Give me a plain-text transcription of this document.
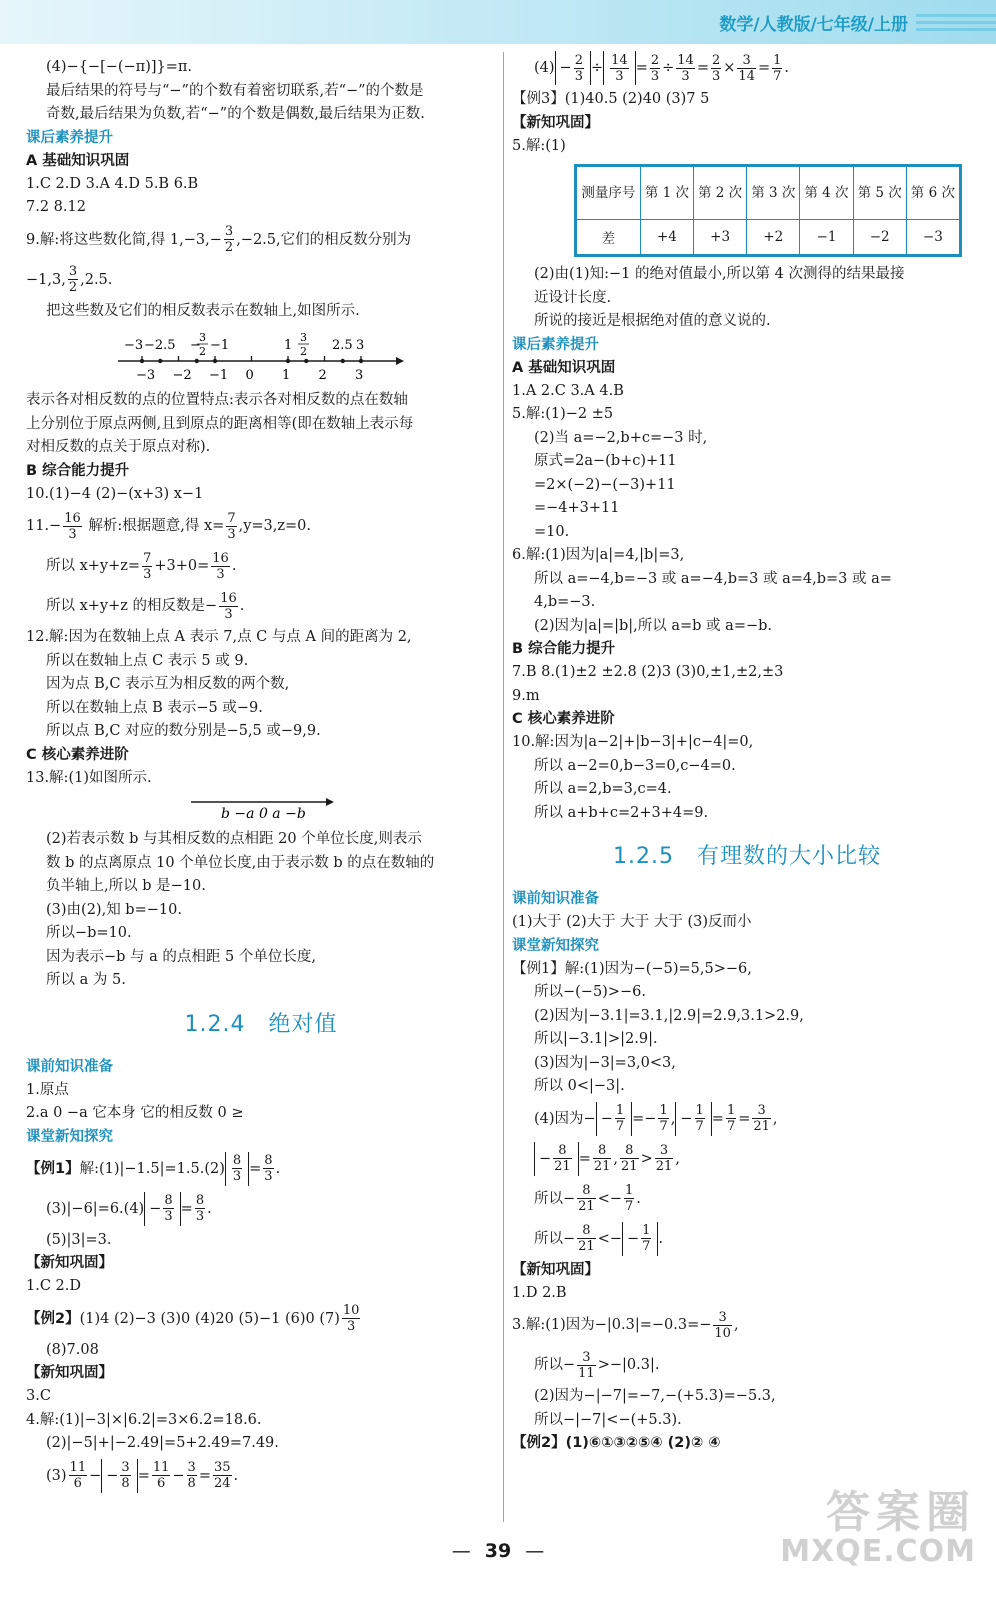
数学/人教版/七年级/上册
(4)−{−[−(−π)]}=π.
最后结果的符号与“−”的个数有着密切联系,若“−”的个数是
奇数,最后结果为负数,若“−”的个数是偶数,最后结果为正数.
课后素养提升
A 基础知识巩固
1.C 2.D 3.A 4.D 5.B 6.B
7.2 8.12
9.解:将这些数化简,得 $1,-3,- \frac{3}{2} ,-2.5$,它们的相反数分别为
−1,3, $\frac{3}{2} ,2.5$.
把这些数及它们的相反数表示在数轴上,如图所示.
−3 −2 −1 0 1 2 3
−3 −2.5 −
3
2 −1	1
3
2 2.5 3
表示各对相反数的点的位置特点:表示各对相反数的点在数轴
上分别位于原点两侧,且到原点的距离相等(即在数轴上表示每
对相反数的点关于原点对称).
B 综合能力提升
10.(1)−4 (2)−(x+3) x−1
$11.- \frac{16}{3}$ 解析:根据题意,得 $x= \frac{7}{3} ,y=3,z=0$.
所以 $x+y+z= \frac{7}{3} +3+0= \frac{16}{3}$ .
所以 x+y+z 的相反数是− $\frac{16}{3}$ .
12.解:因为在数轴上点 A 表示 7,点 C 与点 A 间的距离为 2,
所以在数轴上点 C 表示 5 或 9.
因为点 B,C 表示互为相反数的两个数,
所以在数轴上点 B 表示−5 或−9.
所以点 B,C 对应的数分别是−5,5 或−9,9.
C 核心素养进阶
13.解:(1)如图所示.
b −a 0 a −b
(2)若表示数 b 与其相反数的点相距 20 个单位长度,则表示
数 b 的点离原点 10 个单位长度,由于表示数 b 的点在数轴的
负半轴上,所以 b 是−10.
(3)由(2),知 b=−10.
所以−b=10.
因为表示−b 与 a 的点相距 5 个单位长度,
所以 a 为 5.
1.2.4　绝对值
课前知识准备
1.原点
2.a 0 −a 它本身 它的相反数 0 ≥
课堂新知探究
【例1】解:(1)|−1.5|=1.5.(2) $\frac{8}{3} = \frac{8}{3}$ .
$(3)|-6|=6.(4) - \frac{8}{3} = \frac{8}{3}$ .
(5)|3|=3.
【新知巩固】
1.C 2.D
【例2】(1)4 (2)−3 (3)0 (4)20 (5)−1 (6)0 $(7) \frac{10}{3}$
(8)7.08
【新知巩固】
3.C
4.解:(1)|−3|×|6.2|=3×6.2=18.6.
(2)|−5|+|−2.49|=5+2.49=7.49.
$(3) \frac{11}{6}$ − − $\frac{3}{8} = \frac{11}{6} - \frac{3}{8} = \frac{35}{24}$ .
$(4) - \frac{2}{3} \div \frac{14}{3} = \frac{2}{3} \div \frac{14}{3} = \frac{2}{3} \times \frac{3}{14} = \frac{1}{7}$ .
【例3】(1)40.5 (2)40 (3)7 5
【新知巩固】
5.解:(1)
测量序号	第 1 次	第 2 次	第 3 次	第 4 次	第 5 次	第 6 次
差	+4	+3	+2	−1	−2	−3
(2)由(1)知:−1 的绝对值最小,所以第 4 次测得的结果最接
近设计长度.
所说的接近是根据绝对值的意义说的.
课后素养提升
A 基础知识巩固
1.A 2.C 3.A 4.B
5.解:(1)−2 ±5
(2)当 a=−2,b+c=−3 时,
原式=2a−(b+c)+11
=2×(−2)−(−3)+11
=−4+3+11
=10.
6.解:(1)因为|a|=4,|b|=3,
所以 a=−4,b=−3 或 a=−4,b=3 或 a=4,b=3 或 a=
4,b=−3.
(2)因为|a|=|b|,所以 a=b 或 a=−b.
B 综合能力提升
7.B 8.(1)±2 ±2.8 (2)3 (3)0,±1,±2,±3
9.m
C 核心素养进阶
10.解:因为|a−2|+|b−3|+|c−4|=0,
所以 a−2=0,b−3=0,c−4=0.
所以 a=2,b=3,c=4.
所以 a+b+c=2+3+4=9.
1.2.5　有理数的大小比较
课前知识准备
(1)大于 (2)大于 大于 大于 (3)反而小
课堂新知探究
【例1】解:(1)因为−(−5)=5,5>−6,
所以−(−5)>−6.
(2)因为|−3.1|=3.1,|2.9|=2.9,3.1>2.9,
所以|−3.1|>|2.9|.
(3)因为|−3|=3,0<3,
所以 0<|−3|.
(4)因为− − $\frac{1}{7} =- \frac{1}{7}$ , − $\frac{1}{7} = \frac{1}{7} = \frac{3}{21}$ ,
− $\frac{8}{21} = \frac{8}{21}$ , $\frac{8}{21} > \frac{3}{21}$ ,
所以− $\frac{8}{21} <- \frac{1}{7}$ .
所以− $\frac{8}{21}$ <− − $\frac{1}{7}$ .
【新知巩固】
1.D 2.B
3.解:(1)因为$-|0.3|=-0.3=- \frac{3}{10}$ ,
所以− $\frac{3}{11} >-|0.3|$.
(2)因为−|−7|=−7,−(+5.3)=−5.3,
所以−|−7|<−(+5.3).
【例2】(1)⑥①③②⑤④ (2)② ④
— 39 —
答案圈
MXQE.COM
